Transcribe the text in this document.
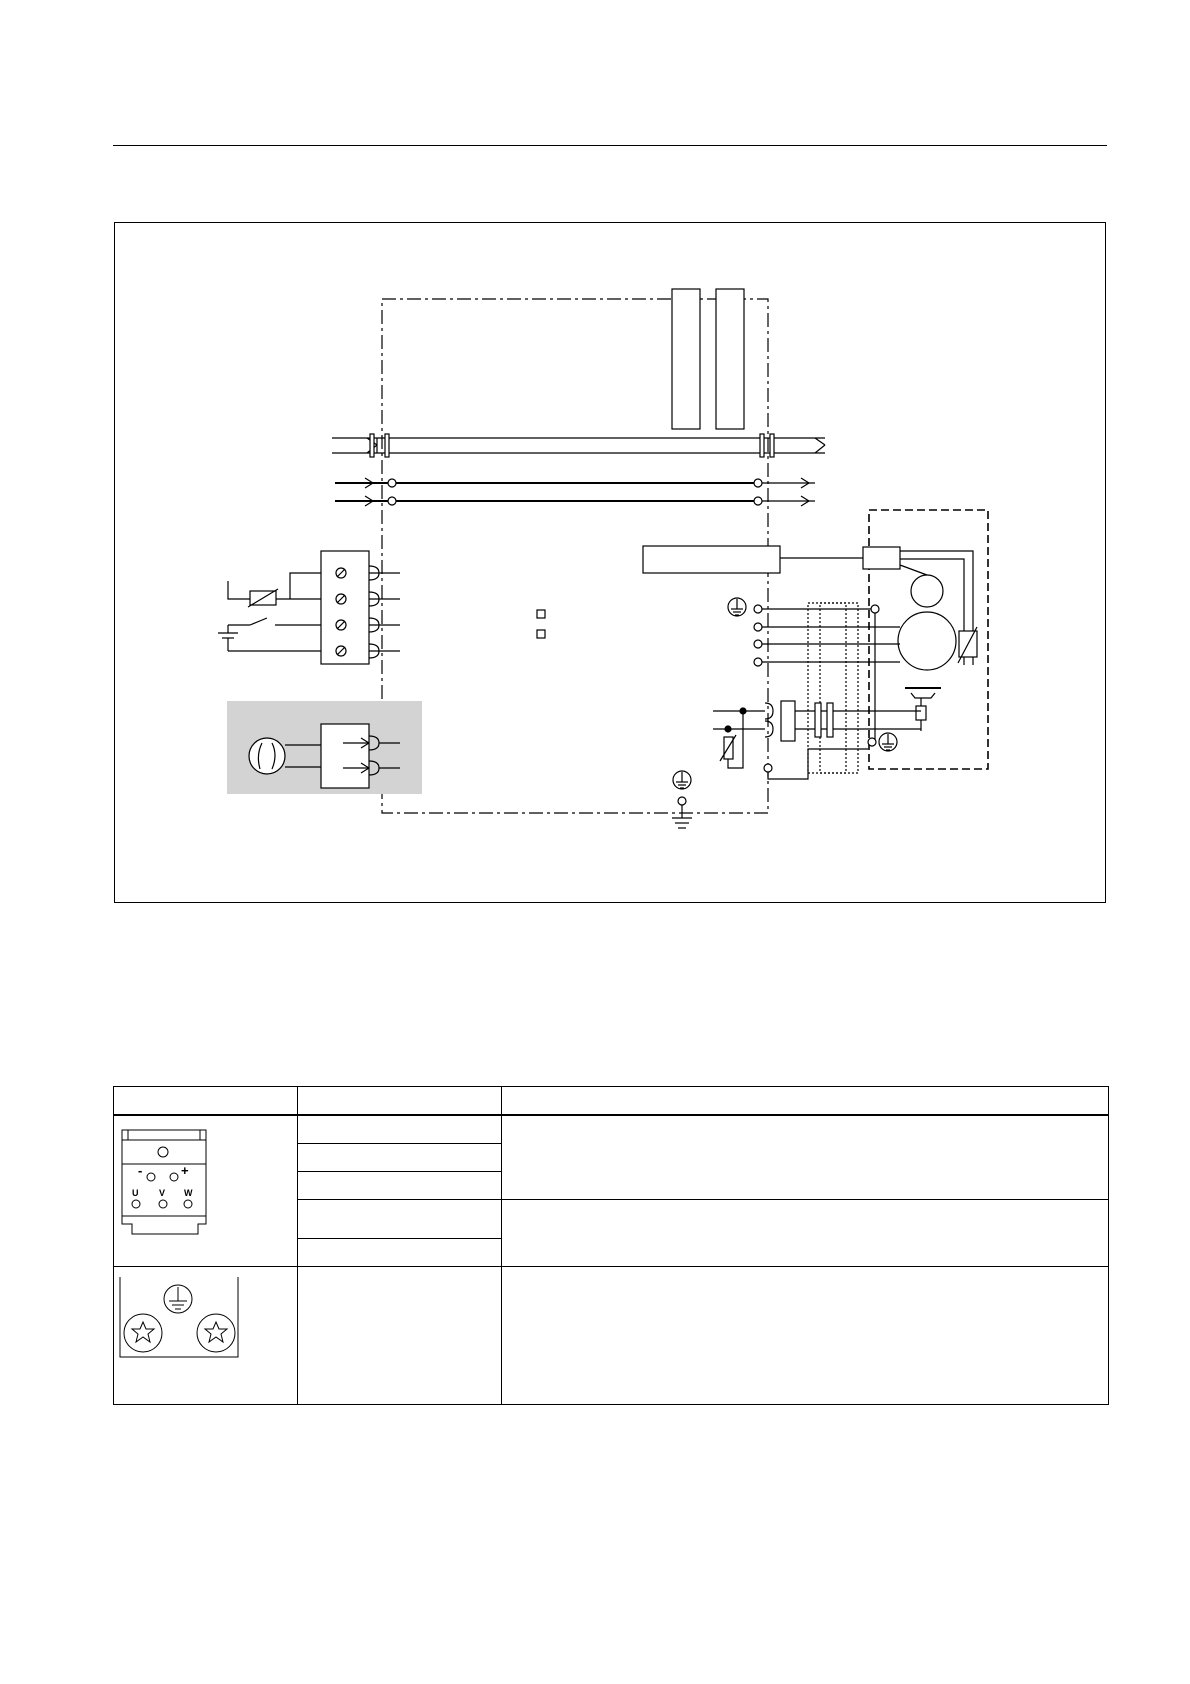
- +
U V W		
